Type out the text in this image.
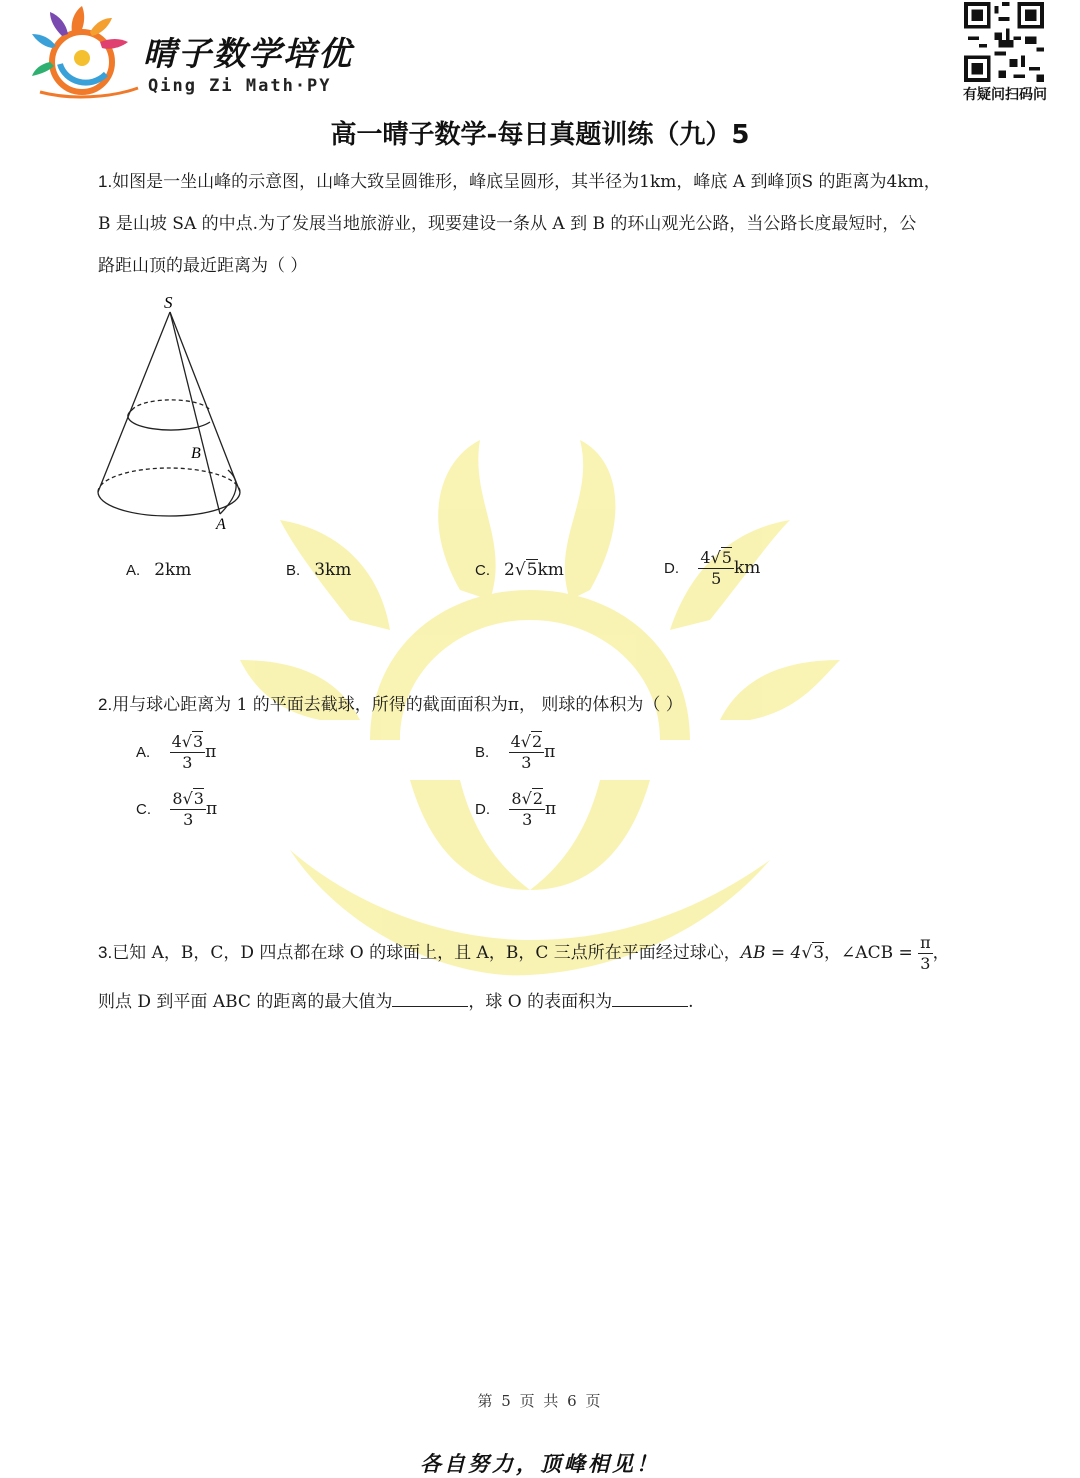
晴子数学培优
Qing Zi Math·PY	有疑问扫码问
高一晴子数学-每日真题训练（九）5
1.如图是一坐山峰的示意图，山峰大致呈圆锥形，峰底呈圆形，其半径为1km，峰底 A 到峰顶S 的距离为4km，
B 是山坡 SA 的中点.为了发展当地旅游业，现要建设一条从 A 到 B 的环山观光公路，当公路长度最短时，公
路距山顶的最近距离为（ ）
S
B
A
A. 2km	B. 3km	C. 2√5km	D. $\frac{4√5}{5}$ km
2.用与球心距离为 1 的平面去截球，所得的截面面积为π， 则球的体积为（ ）
A. $\frac{4√3}{3}$ π	B. $\frac{4√2}{3}$ π
C. $\frac{8√3}{3}$ π	D. $\frac{8√2}{3}$ π
3.已知 A，B，C，D 四点都在球 O 的球面上，且 A，B，C 三点所在平面经过球心，AB = 4√3，∠ACB = $\frac{\pi}{3}$ ，
则点 D 到平面 ABC 的距离的最大值为	，球 O 的表面积为	.
第 5 页 共 6 页
各自努力，顶峰相见！
